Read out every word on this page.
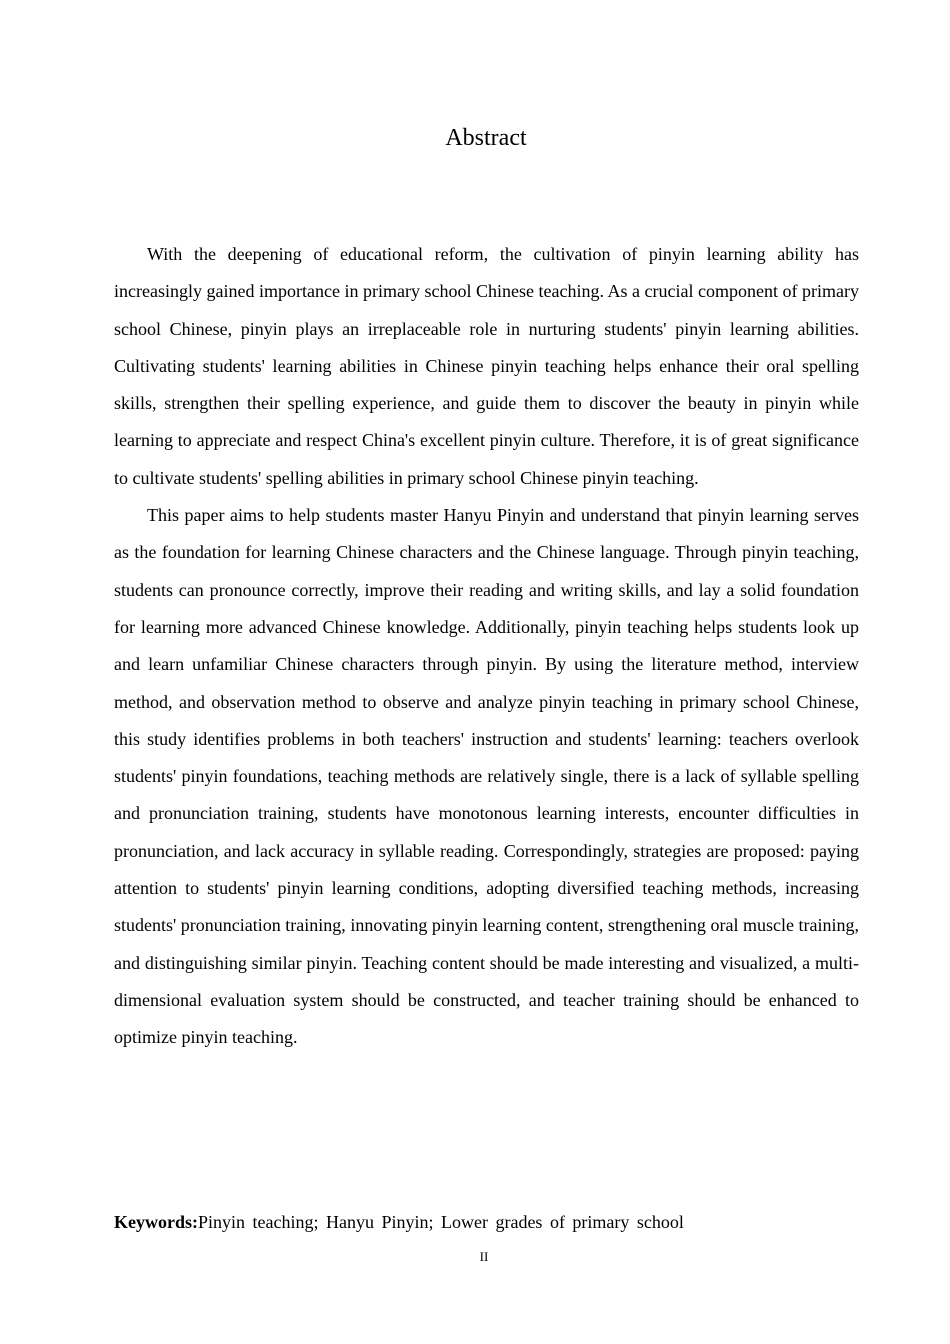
Abstract

With the deepening of educational reform, the cultivation of pinyin learning ability has increasingly gained importance in primary school Chinese teaching. As a crucial component of primary school Chinese, pinyin plays an irreplaceable role in nurturing students' pinyin learning abilities. Cultivating students' learning abilities in Chinese pinyin teaching helps enhance their oral spelling skills, strengthen their spelling experience, and guide them to discover the beauty in pinyin while learning to appreciate and respect China's excellent pinyin culture. Therefore, it is of great significance to cultivate students' spelling abilities in primary school Chinese pinyin teaching.

This paper aims to help students master Hanyu Pinyin and understand that pinyin learning serves as the foundation for learning Chinese characters and the Chinese language. Through pinyin teaching, students can pronounce correctly, improve their reading and writing skills, and lay a solid foundation for learning more advanced Chinese knowledge. Additionally, pinyin teaching helps students look up and learn unfamiliar Chinese characters through pinyin. By using the literature method, interview method, and observation method to observe and analyze pinyin teaching in primary school Chinese, this study identifies problems in both teachers' instruction and students' learning: teachers overlook students' pinyin foundations, teaching methods are relatively single, there is a lack of syllable spelling and pronunciation training, students have monotonous learning interests, encounter difficulties in pronunciation, and lack accuracy in syllable reading. Correspondingly, strategies are proposed: paying attention to students' pinyin learning conditions, adopting diversified teaching methods, increasing students' pronunciation training, innovating pinyin learning content, strengthening oral muscle training, and distinguishing similar pinyin. Teaching content should be made interesting and visualized, a multi-dimensional evaluation system should be constructed, and teacher training should be enhanced to optimize pinyin teaching.

Keywords:Pinyin teaching; Hanyu Pinyin; Lower grades of primary school
II
